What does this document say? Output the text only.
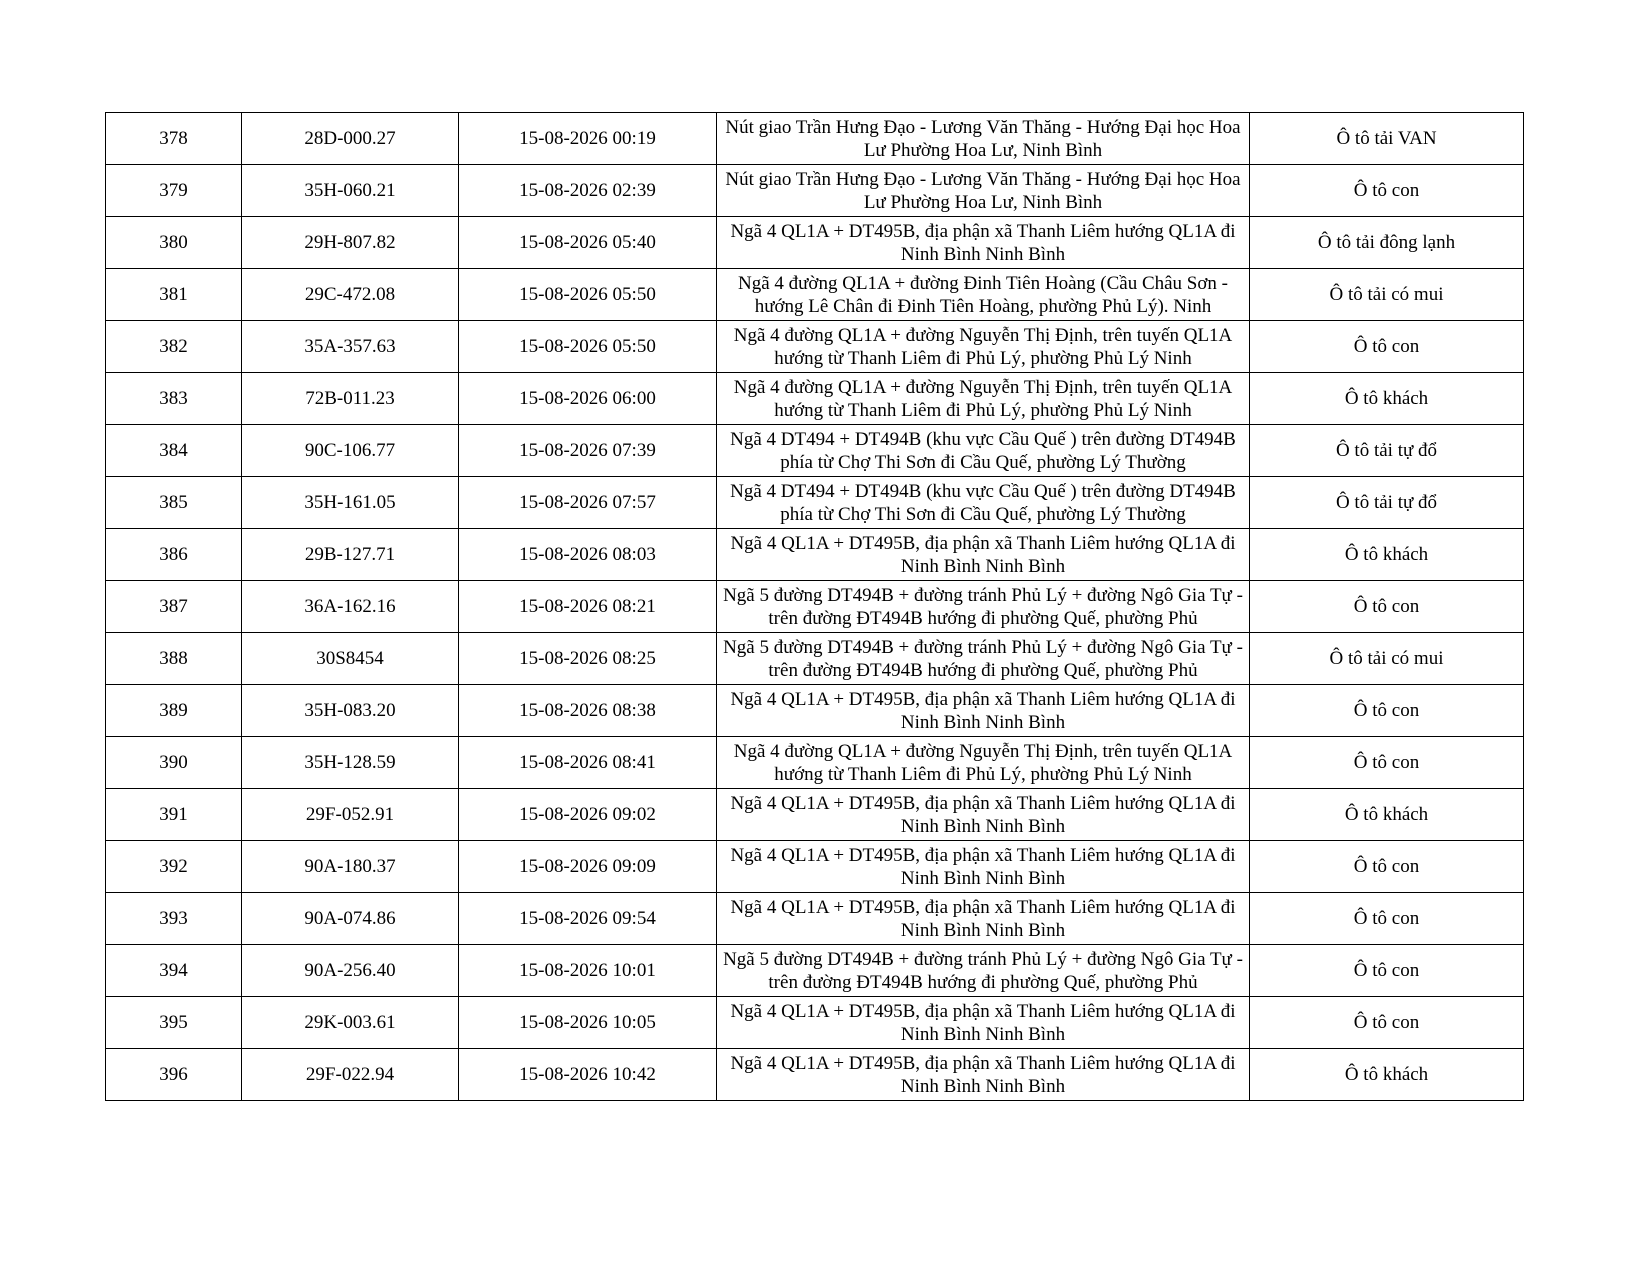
378	28D-000.27	15-08-2026 00:19	Nút giao Trần Hưng Đạo - Lương Văn Thăng - Hướng Đại học Hoa Lư Phường Hoa Lư, Ninh Bình	Ô tô tải VAN
379	35H-060.21	15-08-2026 02:39	Nút giao Trần Hưng Đạo - Lương Văn Thăng - Hướng Đại học Hoa Lư Phường Hoa Lư, Ninh Bình	Ô tô con
380	29H-807.82	15-08-2026 05:40	Ngã 4 QL1A + DT495B, địa phận xã Thanh Liêm hướng QL1A đi Ninh Bình Ninh Bình	Ô tô tải đông lạnh
381	29C-472.08	15-08-2026 05:50	Ngã 4 đường QL1A + đường Đinh Tiên Hoàng (Cầu Châu Sơn - hướng Lê Chân đi Đinh Tiên Hoàng, phường Phủ Lý). Ninh	Ô tô tải có mui
382	35A-357.63	15-08-2026 05:50	Ngã 4 đường QL1A + đường Nguyễn Thị Định, trên tuyến QL1A hướng từ Thanh Liêm đi Phủ Lý, phường Phủ Lý Ninh	Ô tô con
383	72B-011.23	15-08-2026 06:00	Ngã 4 đường QL1A + đường Nguyễn Thị Định, trên tuyến QL1A hướng từ Thanh Liêm đi Phủ Lý, phường Phủ Lý Ninh	Ô tô khách
384	90C-106.77	15-08-2026 07:39	Ngã 4 DT494 + DT494B (khu vực Cầu Quế ) trên đường DT494B phía từ Chợ Thi Sơn đi Cầu Quế, phường Lý Thường	Ô tô tải tự đổ
385	35H-161.05	15-08-2026 07:57	Ngã 4 DT494 + DT494B (khu vực Cầu Quế ) trên đường DT494B phía từ Chợ Thi Sơn đi Cầu Quế, phường Lý Thường	Ô tô tải tự đổ
386	29B-127.71	15-08-2026 08:03	Ngã 4 QL1A + DT495B, địa phận xã Thanh Liêm hướng QL1A đi Ninh Bình Ninh Bình	Ô tô khách
387	36A-162.16	15-08-2026 08:21	Ngã 5 đường DT494B + đường tránh Phủ Lý + đường Ngô Gia Tự - trên đường ĐT494B hướng đi phường Quế, phường Phủ	Ô tô con
388	30S8454	15-08-2026 08:25	Ngã 5 đường DT494B + đường tránh Phủ Lý + đường Ngô Gia Tự - trên đường ĐT494B hướng đi phường Quế, phường Phủ	Ô tô tải có mui
389	35H-083.20	15-08-2026 08:38	Ngã 4 QL1A + DT495B, địa phận xã Thanh Liêm hướng QL1A đi Ninh Bình Ninh Bình	Ô tô con
390	35H-128.59	15-08-2026 08:41	Ngã 4 đường QL1A + đường Nguyễn Thị Định, trên tuyến QL1A hướng từ Thanh Liêm đi Phủ Lý, phường Phủ Lý Ninh	Ô tô con
391	29F-052.91	15-08-2026 09:02	Ngã 4 QL1A + DT495B, địa phận xã Thanh Liêm hướng QL1A đi Ninh Bình Ninh Bình	Ô tô khách
392	90A-180.37	15-08-2026 09:09	Ngã 4 QL1A + DT495B, địa phận xã Thanh Liêm hướng QL1A đi Ninh Bình Ninh Bình	Ô tô con
393	90A-074.86	15-08-2026 09:54	Ngã 4 QL1A + DT495B, địa phận xã Thanh Liêm hướng QL1A đi Ninh Bình Ninh Bình	Ô tô con
394	90A-256.40	15-08-2026 10:01	Ngã 5 đường DT494B + đường tránh Phủ Lý + đường Ngô Gia Tự - trên đường ĐT494B hướng đi phường Quế, phường Phủ	Ô tô con
395	29K-003.61	15-08-2026 10:05	Ngã 4 QL1A + DT495B, địa phận xã Thanh Liêm hướng QL1A đi Ninh Bình Ninh Bình	Ô tô con
396	29F-022.94	15-08-2026 10:42	Ngã 4 QL1A + DT495B, địa phận xã Thanh Liêm hướng QL1A đi Ninh Bình Ninh Bình	Ô tô khách
